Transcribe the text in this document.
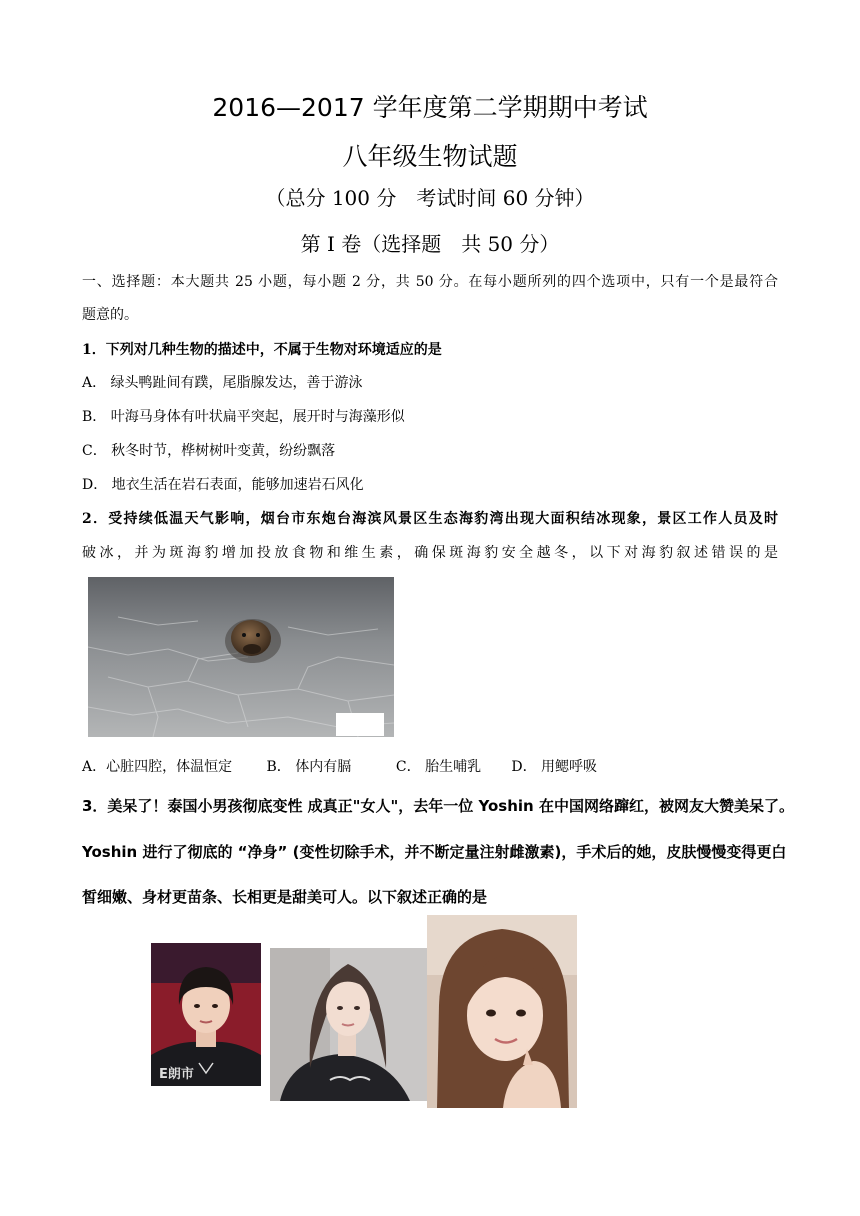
2016—2017 学年度第二学期期中考试
八年级生物试题
（总分 100 分　考试时间 60 分钟）
第 I 卷（选择题　共 50 分）
一、选择题：本大题共 25 小题，每小题 2 分，共 50 分。在每小题所列的四个选项中，只有一个是最符合
题意的。
1．下列对几种生物的描述中，不属于生物对环境适应的是
A． 绿头鸭趾间有蹼，尾脂腺发达，善于游泳
B． 叶海马身体有叶状扁平突起，展开时与海藻形似
C． 秋冬时节，桦树树叶变黄，纷纷飘落
D． 地衣生活在岩石表面，能够加速岩石风化
2．受持续低温天气影响，烟台市东炮台海滨风景区生态海豹湾出现大面积结冰现象，景区工作人员及时
破冰，并为斑海豹增加投放食物和维生素，确保斑海豹安全越冬，以下对海豹叙述错误的是
A．心脏四腔，体温恒定 B． 体内有膈	C． 胎生哺乳 D． 用鳃呼吸
3．美呆了！泰国小男孩彻底变性 成真正"女人"，去年一位 Yoshin 在中国网络蹿红，被网友大赞美呆了。
Yoshin 进行了彻底的 “净身” (变性切除手术，并不断定量注射雌激素)，手术后的她，皮肤慢慢变得更白
皙细嫩、身材更苗条、长相更是甜美可人。以下叙述正确的是
E朗市
